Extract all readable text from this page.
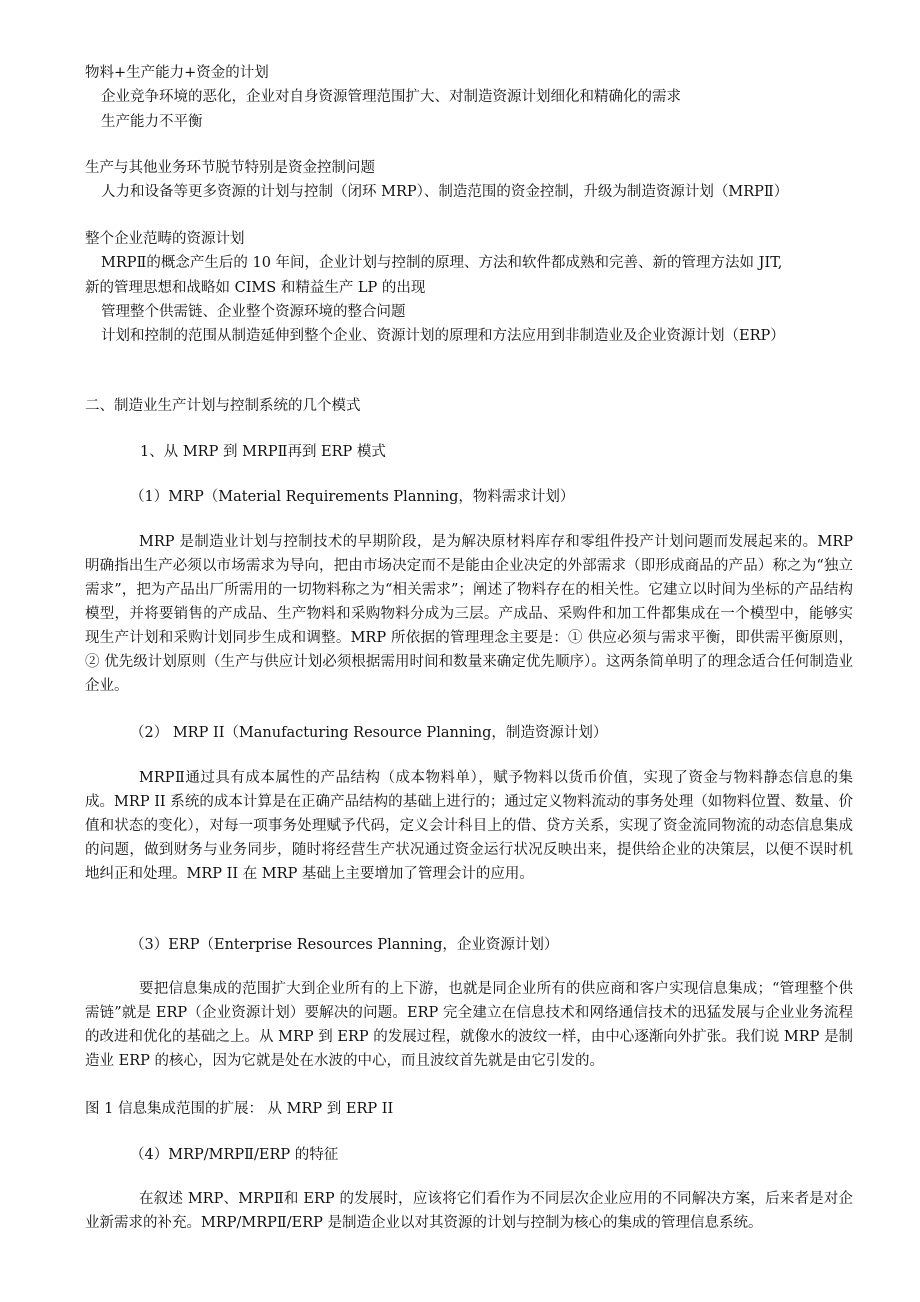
物料+生产能力+资金的计划
企业竞争环境的恶化，企业对自身资源管理范围扩大、对制造资源计划细化和精确化的需求
生产能力不平衡
生产与其他业务环节脱节特别是资金控制问题
人力和设备等更多资源的计划与控制（闭环 MRP）、制造范围的资金控制，升级为制造资源计划（MRPⅡ）
整个企业范畴的资源计划
MRPⅡ的概念产生后的 10 年间，企业计划与控制的原理、方法和软件都成熟和完善、新的管理方法如 JIT,
新的管理思想和战略如 CIMS 和精益生产 LP 的出现
管理整个供需链、企业整个资源环境的整合问题
计划和控制的范围从制造延伸到整个企业、资源计划的原理和方法应用到非制造业及企业资源计划（ERP）
二、制造业生产计划与控制系统的几个模式
1、从 MRP 到 MRPⅡ再到 ERP 模式
（1）MRP（Material Requirements Planning，物料需求计划）
MRP 是制造业计划与控制技术的早期阶段，是为解决原材料库存和零组件投产计划问题而发展起来的。MRP 明确指出生产必须以市场需求为导向，把由市场决定而不是能由企业决定的外部需求（即形成商品的产品）称之为“独立需求”，把为产品出厂所需用的一切物料称之为“相关需求”；阐述了物料存在的相关性。它建立以时间为坐标的产品结构模型，并将要销售的产成品、生产物料和采购物料分成为三层。产成品、采购件和加工件都集成在一个模型中，能够实现生产计划和采购计划同步生成和调整。MRP 所依据的管理理念主要是：① 供应必须与需求平衡，即供需平衡原则， ② 优先级计划原则（生产与供应计划必须根据需用时间和数量来确定优先顺序）。这两条简单明了的理念适合任何制造业企业。
（2） MRP II（Manufacturing Resource Planning，制造资源计划）
MRPⅡ通过具有成本属性的产品结构（成本物料单），赋予物料以货币价值，实现了资金与物料静态信息的集成。MRP II 系统的成本计算是在正确产品结构的基础上进行的；通过定义物料流动的事务处理（如物料位置、数量、价值和状态的变化），对每一项事务处理赋予代码，定义会计科目上的借、贷方关系，实现了资金流同物流的动态信息集成的问题，做到财务与业务同步，随时将经营生产状况通过资金运行状况反映出来，提供给企业的决策层，以便不误时机地纠正和处理。MRP II 在 MRP 基础上主要增加了管理会计的应用。
（3）ERP（Enterprise Resources Planning，企业资源计划）
要把信息集成的范围扩大到企业所有的上下游，也就是同企业所有的供应商和客户实现信息集成；“管理整个供需链”就是 ERP（企业资源计划）要解决的问题。ERP 完全建立在信息技术和网络通信技术的迅猛发展与企业业务流程的改进和优化的基础之上。从 MRP 到 ERP 的发展过程，就像水的波纹一样，由中心逐渐向外扩张。我们说 MRP 是制造业 ERP 的核心，因为它就是处在水波的中心，而且波纹首先就是由它引发的。
图 1 信息集成范围的扩展： 从 MRP 到 ERP II
（4）MRP/MRPⅡ/ERP 的特征
在叙述 MRP、MRPⅡ和 ERP 的发展时，应该将它们看作为不同层次企业应用的不同解决方案，后来者是对企业新需求的补充。MRP/MRPⅡ/ERP 是制造企业以对其资源的计划与控制为核心的集成的管理信息系统。
